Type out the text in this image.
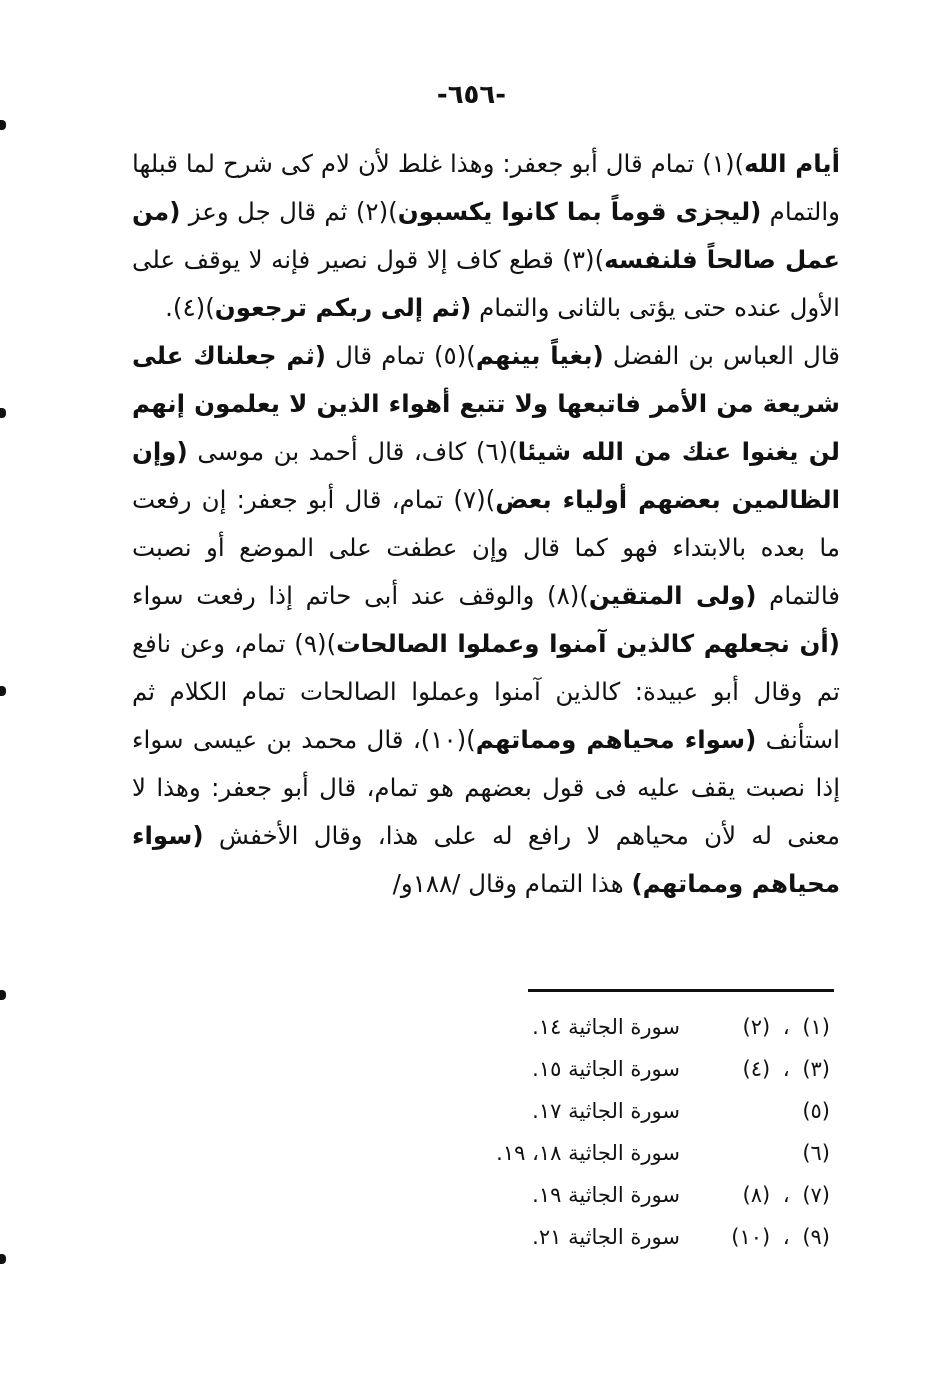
-٦٥٦-

أيام الله)(١) تمام قال أبو جعفر: وهذا غلط لأن لام كى شرح لما قبلها والتمام (ليجزى قوماً بما كانوا يكسبون)(٢) ثم قال جل وعز (من عمل صالحاً فلنفسه)(٣) قطع كاف إلا قول نصير فإنه لا يوقف على الأول عنده حتى يؤتى بالثانى والتمام (ثم إلى ربكم ترجعون)(٤).

قال العباس بن الفضل (بغياً بينهم)(٥) تمام قال (ثم جعلناك على شريعة من الأمر فاتبعها ولا تتبع أهواء الذين لا يعلمون إنهم لن يغنوا عنك من الله شيئا)(٦) كاف، قال أحمد بن موسى (وإن الظالمين بعضهم أولياء بعض)(٧) تمام، قال أبو جعفر: إن رفعت ما بعده بالابتداء فهو كما قال وإن عطفت على الموضع أو نصبت فالتمام (ولى المتقين)(٨) والوقف عند أبى حاتم إذا رفعت سواء (أن نجعلهم كالذين آمنوا وعملوا الصالحات)(٩) تمام، وعن نافع تم وقال أبو عبيدة: كالذين آمنوا وعملوا الصالحات تمام الكلام ثم استأنف (سواء محياهم ومماتهم)(١٠)، قال محمد بن عيسى سواء إذا نصبت يقف عليه فى قول بعضهم هو تمام، قال أبو جعفر: وهذا لا معنى له لأن محياهم لا رافع له على هذا، وقال الأخفش (سواء محياهم ومماتهم) هذا التمام وقال /١٨٨و/

(١) ، (٢)
سورة الجاثية ١٤.
(٣) ، (٤)
سورة الجاثية ١٥.
(٥)
سورة الجاثية ١٧.
(٦)
سورة الجاثية ١٨، ١٩.
(٧) ، (٨)
سورة الجاثية ١٩.
(٩) ، (١٠)
سورة الجاثية ٢١.
